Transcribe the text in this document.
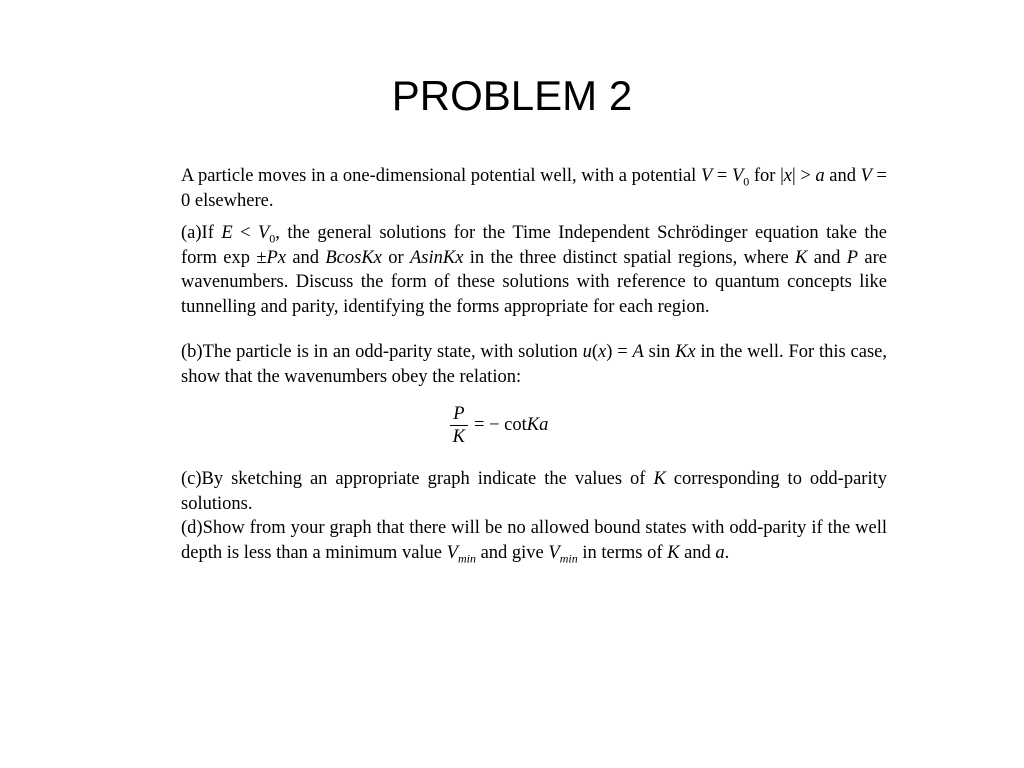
PROBLEM 2

A particle moves in a one-dimensional potential well, with a potential $V = V_0$ for |x| > a and V = 0 elsewhere.

(a)If $E < V_0$, the general solutions for the Time Independent Schrödinger equation take the form exp ±Px and BcosKx or AsinKx in the three distinct spatial regions, where K and P are wavenumbers. Discuss the form of these solutions with reference to quantum concepts like tunnelling and parity, identifying the forms appropriate for each region.

(b)The particle is in an odd-parity state, with solution u(x) = A sin Kx in the well. For this case, show that the wavenumbers obey the relation:

$\frac{P}{K}$ = − cot Ka

(c)By sketching an appropriate graph indicate the values of K corresponding to odd-parity solutions.

(d)Show from your graph that there will be no allowed bound states with odd-parity if the well depth is less than a minimum value $V_{min}$ and give $V_{min}$ in terms of K and a.
